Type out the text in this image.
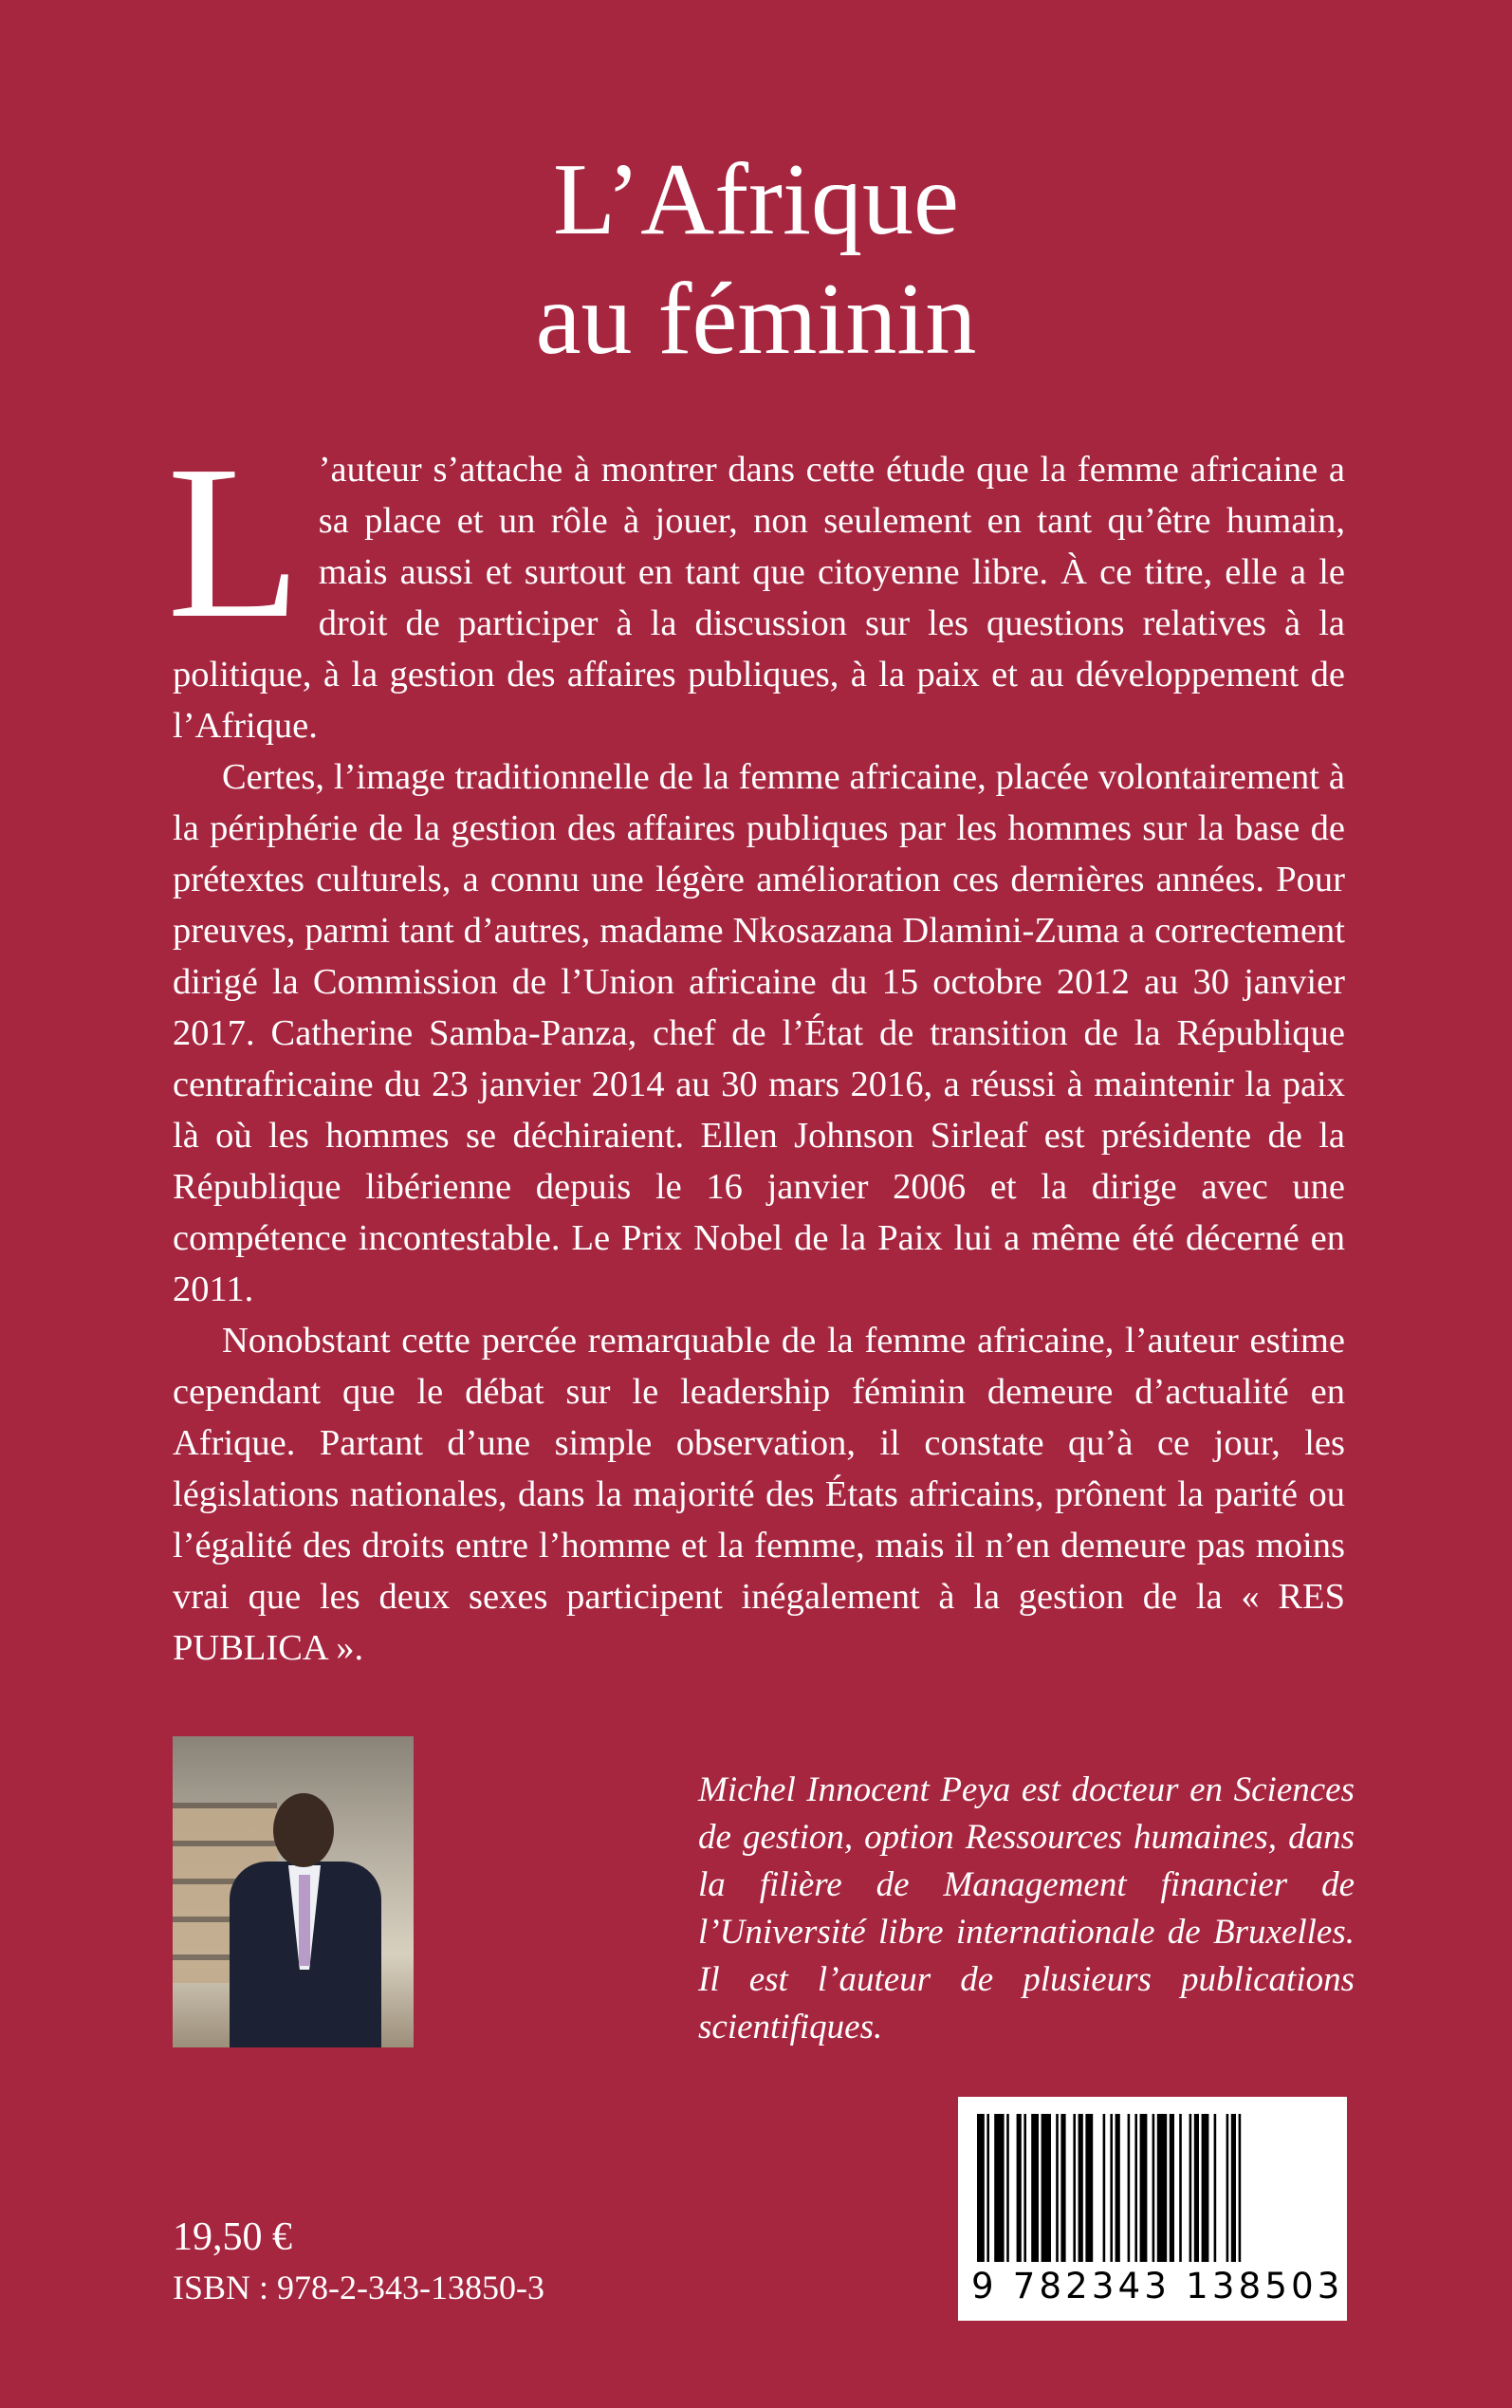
L’Afrique
au féminin

L ’auteur s’attache à montrer dans cette étude que la femme africaine a sa place et un rôle à jouer, non seulement en tant qu’être humain, mais aussi et surtout en tant que citoyenne libre. À ce titre, elle a le droit de participer à la discussion sur les questions relatives à la politique, à la gestion des affaires publiques, à la paix et au développement de l’Afrique.

Certes, l’image traditionnelle de la femme africaine, placée volontairement à la périphérie de la gestion des affaires publiques par les hommes sur la base de prétextes culturels, a connu une légère amélioration ces dernières années. Pour preuves, parmi tant d’autres, madame Nkosazana Dlamini-Zuma a correctement dirigé la Commission de l’Union africaine du 15 octobre 2012 au 30 janvier 2017. Catherine Samba-Panza, chef de l’État de transition de la République centrafricaine du 23 janvier 2014 au 30 mars 2016, a réussi à maintenir la paix là où les hommes se déchiraient. Ellen Johnson Sirleaf est présidente de la République libérienne depuis le 16 janvier 2006 et la dirige avec une compétence incontestable. Le Prix Nobel de la Paix lui a même été décerné en 2011.

Nonobstant cette percée remarquable de la femme africaine, l’auteur estime cependant que le débat sur le leadership féminin demeure d’actualité en Afrique. Partant d’une simple observation, il constate qu’à ce jour, les législations nationales, dans la majorité des États africains, prônent la parité ou l’égalité des droits entre l’homme et la femme, mais il n’en demeure pas moins vrai que les deux sexes participent inégalement à la gestion de la « RES PUBLICA ».

Michel Innocent Peya est docteur en Sciences de gestion, option Ressources humaines, dans la filière de Management financier de l’Université libre internationale de Bruxelles. Il est l’auteur de plusieurs publications scientifiques.

9 782343 138503

19,50 €

ISBN : 978-2-343-13850-3
